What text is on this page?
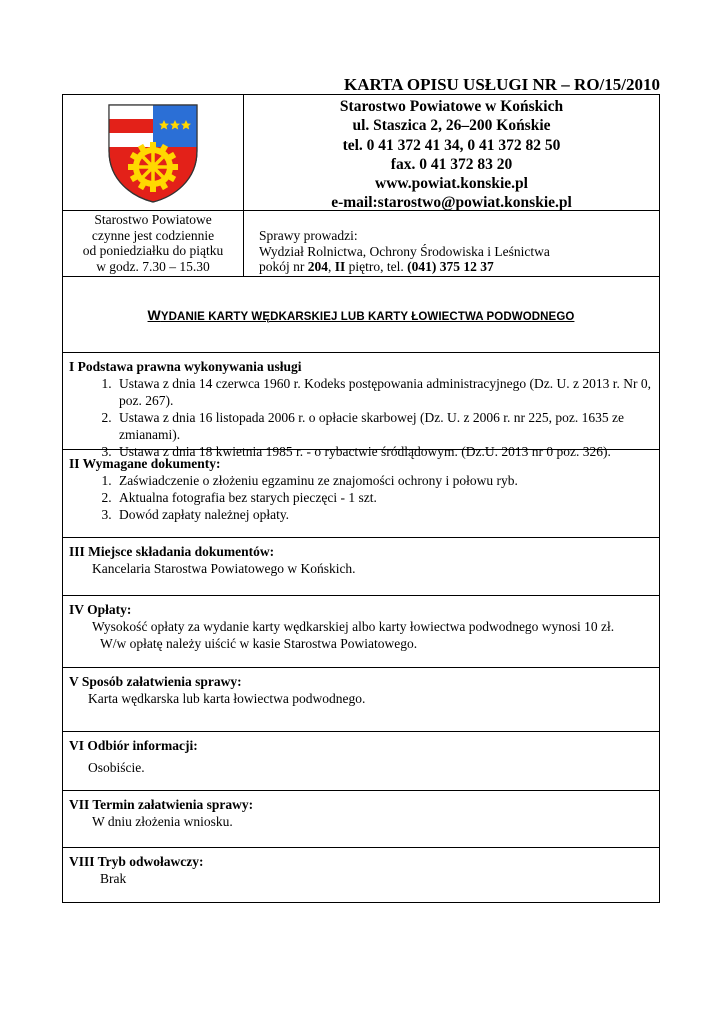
KARTA OPISU USŁUGI NR – RO/15/2010
Starostwo Powiatowe w Końskich
ul. Staszica 2, 26–200 Końskie
tel. 0 41 372 41 34, 0 41 372 82 50
fax. 0 41 372 83 20
www.powiat.konskie.pl
e-mail:starostwo@powiat.konskie.pl
Starostwo Powiatowe
czynne jest codziennie
od poniedziałku do piątku
w godz. 7.30 – 15.30
Sprawy prowadzi:
Wydział Rolnictwa, Ochrony Środowiska i Leśnictwa
pokój nr 204, II piętro, tel. (041) 375 12 37
WYDANIE KARTY WĘDKARSKIEJ LUB KARTY ŁOWIECTWA PODWODNEGO
I Podstawa prawna wykonywania usługi
1. Ustawa z dnia 14 czerwca 1960 r. Kodeks postępowania administracyjnego (Dz. U. z 2013 r. Nr 0, poz. 267).
2. Ustawa z dnia 16 listopada 2006 r. o opłacie skarbowej (Dz. U. z 2006 r. nr 225, poz. 1635 ze zmianami).
3. Ustawa z dnia 18 kwietnia 1985 r. - o rybactwie śródlądowym. (Dz.U. 2013 nr 0 poz. 326).
II Wymagane dokumenty:
1. Zaświadczenie o złożeniu egzaminu ze znajomości ochrony i połowu ryb.
2. Aktualna fotografia bez starych pieczęci - 1 szt.
3. Dowód zapłaty należnej opłaty.
III Miejsce składania dokumentów:
Kancelaria Starostwa Powiatowego w Końskich.
IV Opłaty:
Wysokość opłaty za wydanie karty wędkarskiej albo karty łowiectwa podwodnego wynosi 10 zł.
W/w opłatę należy uiścić w kasie Starostwa Powiatowego.
V Sposób załatwienia sprawy:
Karta wędkarska lub karta łowiectwa podwodnego.
VI Odbiór informacji:
Osobiście.
VII Termin załatwienia sprawy:
W dniu złożenia wniosku.
VIII Tryb odwoławczy:
Brak
